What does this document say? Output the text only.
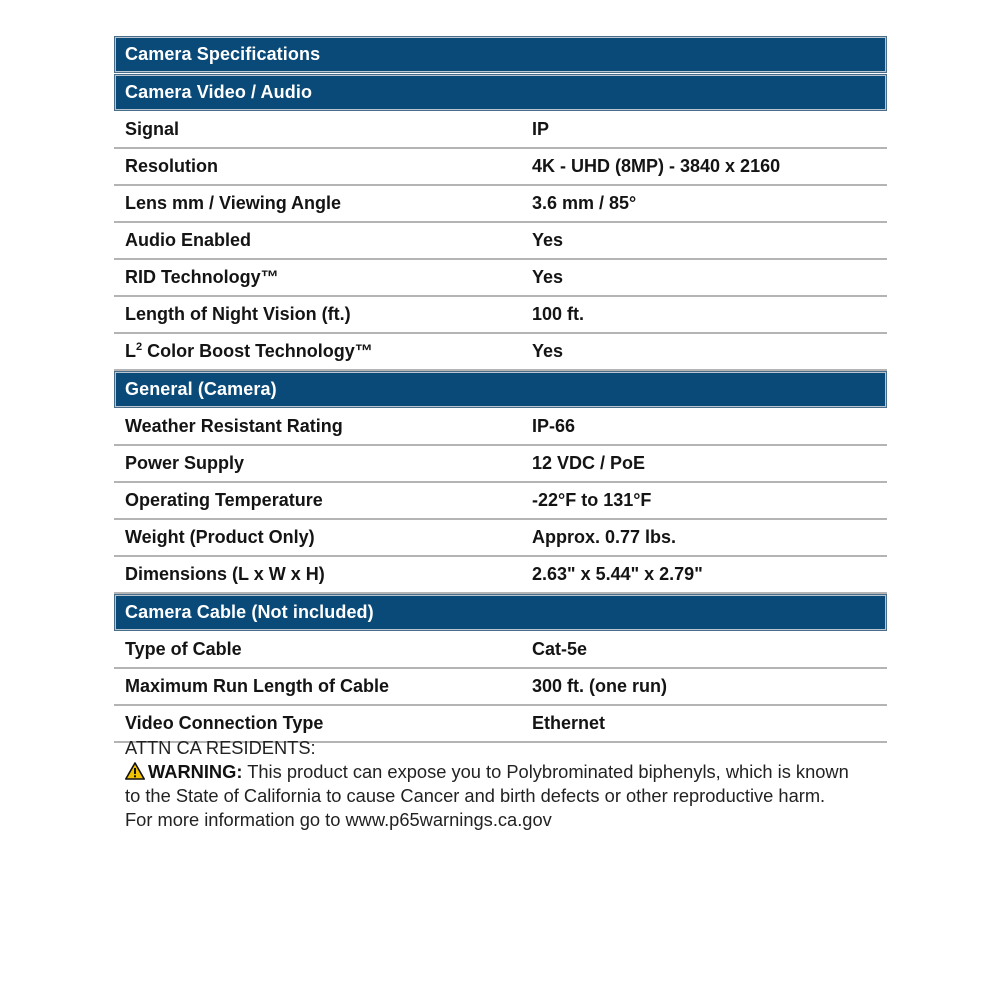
Camera Specifications
Camera Video / Audio
Signal	IP
Resolution	4K - UHD (8MP) - 3840 x 2160
Lens mm / Viewing Angle	3.6 mm / 85°
Audio Enabled	Yes
RID Technology™	Yes
Length of Night Vision (ft.)	100 ft.
$L^2$ Color Boost Technology™	Yes
General (Camera)
Weather Resistant Rating	IP-66
Power Supply	12 VDC / PoE
Operating Temperature	-22°F to 131°F
Weight (Product Only)	Approx. 0.77 lbs.
Dimensions (L x W x H)	2.63" x 5.44" x 2.79"
Camera Cable (Not included)
Type of Cable	Cat-5e
Maximum Run Length of Cable	300 ft. (one run)
Video Connection Type	Ethernet
ATTN CA RESIDENTS:
WARNING: This product can expose you to Polybrominated biphenyls, which is known
to the State of California to cause Cancer and birth defects or other reproductive harm.
For more information go to www.p65warnings.ca.gov
